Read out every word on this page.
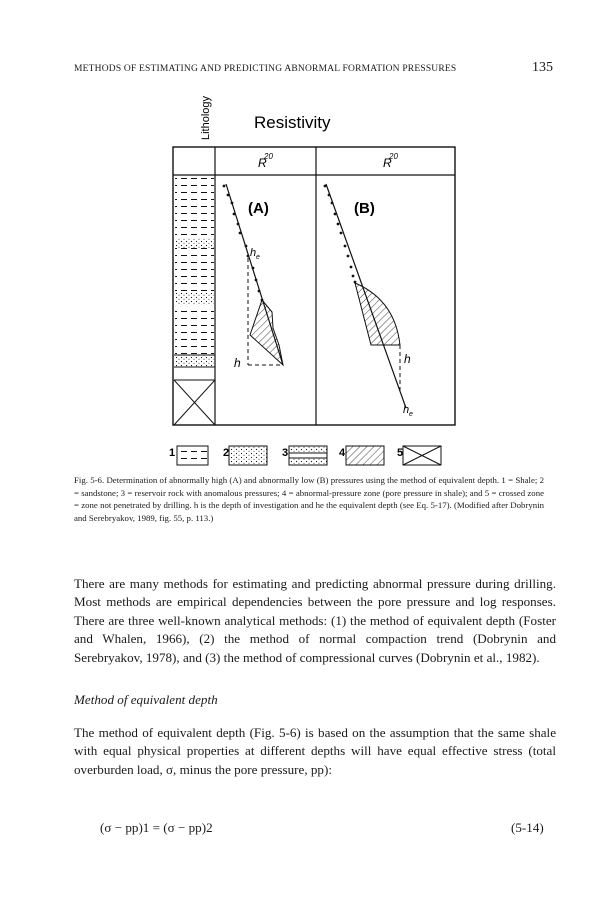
METHODS OF ESTIMATING AND PREDICTING ABNORMAL FORMATION PRESSURES	135
Lithology Resistivity
R
20
(A)
h e
h
R
20
(B)
h
h e
1	2	3	4	5
Fig. 5-6. Determination of abnormally high (A) and abnormally low (B) pressures using the method of equivalent depth. 1 = Shale; 2 = sandstone; 3 = reservoir rock with anomalous pressures; 4 = abnormal-pressure zone (pore pressure in shale); and 5 = crossed zone = zone not penetrated by drilling. h is the depth of investigation and he the equivalent depth (see Eq. 5-17). (Modified after Dobrynin and Serebryakov, 1989, fig. 55, p. 113.)
There are many methods for estimating and predicting abnormal pressure during drilling. Most methods are empirical dependencies between the pore pressure and log responses. There are three well-known analytical methods: (1) the method of equivalent depth (Foster and Whalen, 1966), (2) the method of normal compaction trend (Dobrynin and Serebryakov, 1978), and (3) the method of compressional curves (Dobrynin et al., 1982).
Method of equivalent depth
The method of equivalent depth (Fig. 5-6) is based on the assumption that the same shale with equal physical properties at different depths will have equal effective stress (total overburden load, σ, minus the pore pressure, pp):
(σ − pp)1 = (σ − pp)2	(5-14)
